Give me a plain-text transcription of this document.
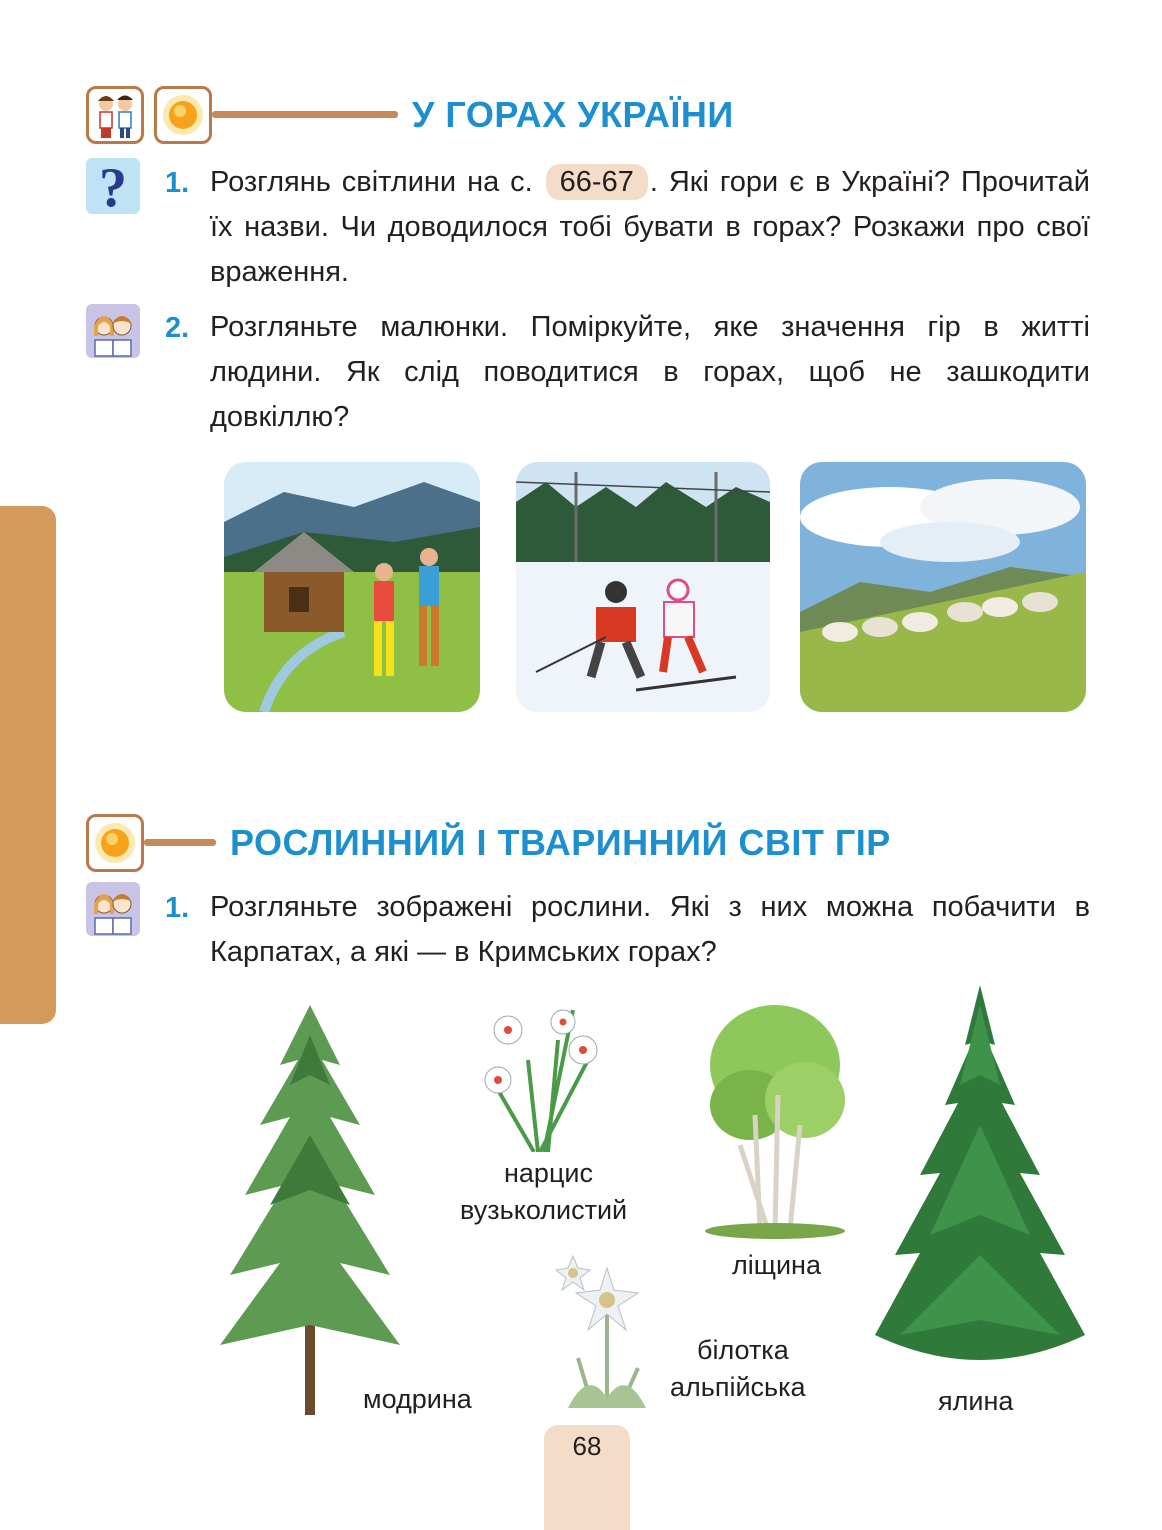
У ГОРАХ УКРАЇНИ
?	1. Розглянь світлини на с. 66-67 . Які гори є в Україні? Прочитай їх назви. Чи доводилося тобі бувати в горах? Розкажи про свої враження.
2. Розгляньте малюнки. Поміркуйте, яке значення гір в житті людини. Як слід поводитися в горах, щоб не зашкодити довкіллю?
РОСЛИННИЙ І ТВАРИННИЙ СВІТ ГІР
1. Розгляньте зображені рослини. Які з них можна побачити в Карпатах, а які — в Кримських горах?
модрина
нарцис
вузьколистий
ліщина
білотка
альпійська	ялина
68
